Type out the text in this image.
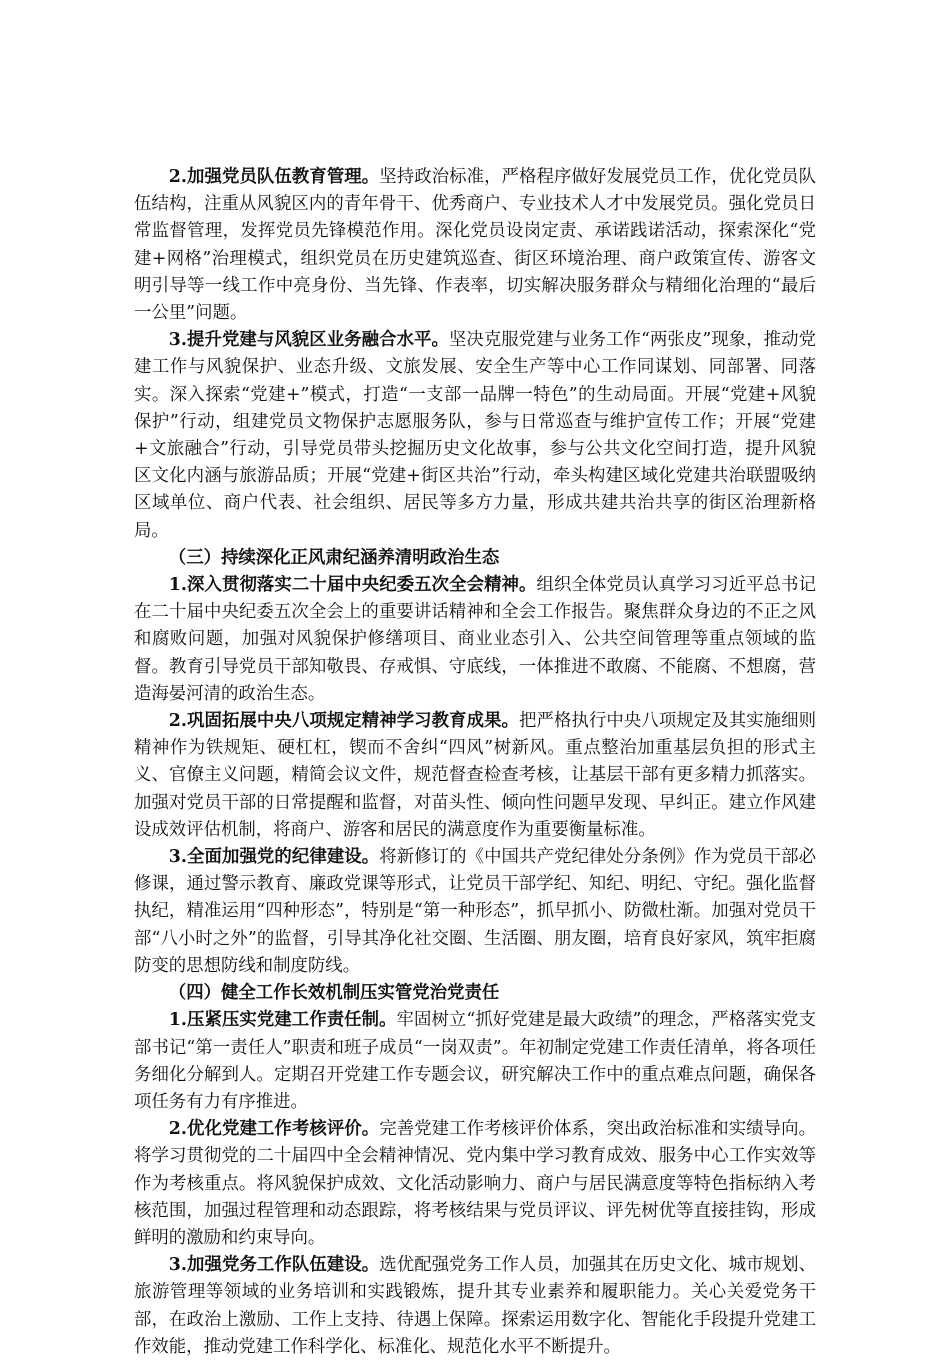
2.加强党员队伍教育管理。坚持政治标准，严格程序做好发展党员工作，优化党员队伍结构，注重从风貌区内的青年骨干、优秀商户、专业技术人才中发展党员。强化党员日常监督管理，发挥党员先锋模范作用。深化党员设岗定责、承诺践诺活动，探索深化“党建+网格”治理模式，组织党员在历史建筑巡查、街区环境治理、商户政策宣传、游客文明引导等一线工作中亮身份、当先锋、作表率，切实解决服务群众与精细化治理的“最后一公里”问题。

3.提升党建与风貌区业务融合水平。坚决克服党建与业务工作“两张皮”现象，推动党建工作与风貌保护、业态升级、文旅发展、安全生产等中心工作同谋划、同部署、同落实。深入探索“党建+”模式，打造“一支部一品牌一特色”的生动局面。开展“党建+风貌保护”行动，组建党员文物保护志愿服务队，参与日常巡查与维护宣传工作；开展“党建+文旅融合”行动，引导党员带头挖掘历史文化故事，参与公共文化空间打造，提升风貌区文化内涵与旅游品质；开展“党建+街区共治”行动，牵头构建区域化党建共治联盟吸纳区域单位、商户代表、社会组织、居民等多方力量，形成共建共治共享的街区治理新格局。

（三）持续深化正风肃纪涵养清明政治生态

1.深入贯彻落实二十届中央纪委五次全会精神。组织全体党员认真学习习近平总书记在二十届中央纪委五次全会上的重要讲话精神和全会工作报告。聚焦群众身边的不正之风和腐败问题，加强对风貌保护修缮项目、商业业态引入、公共空间管理等重点领域的监督。教育引导党员干部知敬畏、存戒惧、守底线，一体推进不敢腐、不能腐、不想腐，营造海晏河清的政治生态。

2.巩固拓展中央八项规定精神学习教育成果。把严格执行中央八项规定及其实施细则精神作为铁规矩、硬杠杠，锲而不舍纠“四风”树新风。重点整治加重基层负担的形式主义、官僚主义问题，精简会议文件，规范督查检查考核，让基层干部有更多精力抓落实。加强对党员干部的日常提醒和监督，对苗头性、倾向性问题早发现、早纠正。建立作风建设成效评估机制，将商户、游客和居民的满意度作为重要衡量标准。

3.全面加强党的纪律建设。将新修订的《中国共产党纪律处分条例》作为党员干部必修课，通过警示教育、廉政党课等形式，让党员干部学纪、知纪、明纪、守纪。强化监督执纪，精准运用“四种形态”，特别是“第一种形态”，抓早抓小、防微杜渐。加强对党员干部“八小时之外”的监督，引导其净化社交圈、生活圈、朋友圈，培育良好家风，筑牢拒腐防变的思想防线和制度防线。

（四）健全工作长效机制压实管党治党责任

1.压紧压实党建工作责任制。牢固树立“抓好党建是最大政绩”的理念，严格落实党支部书记“第一责任人”职责和班子成员“一岗双责”。年初制定党建工作责任清单，将各项任务细化分解到人。定期召开党建工作专题会议，研究解决工作中的重点难点问题，确保各项任务有力有序推进。

2.优化党建工作考核评价。完善党建工作考核评价体系，突出政治标准和实绩导向。将学习贯彻党的二十届四中全会精神情况、党内集中学习教育成效、服务中心工作实效等作为考核重点。将风貌保护成效、文化活动影响力、商户与居民满意度等特色指标纳入考核范围，加强过程管理和动态跟踪，将考核结果与党员评议、评先树优等直接挂钩，形成鲜明的激励和约束导向。

3.加强党务工作队伍建设。选优配强党务工作人员，加强其在历史文化、城市规划、旅游管理等领域的业务培训和实践锻炼，提升其专业素养和履职能力。关心关爱党务干部，在政治上激励、工作上支持、待遇上保障。探索运用数字化、智能化手段提升党建工作效能，推动党建工作科学化、标准化、规范化水平不断提升。
